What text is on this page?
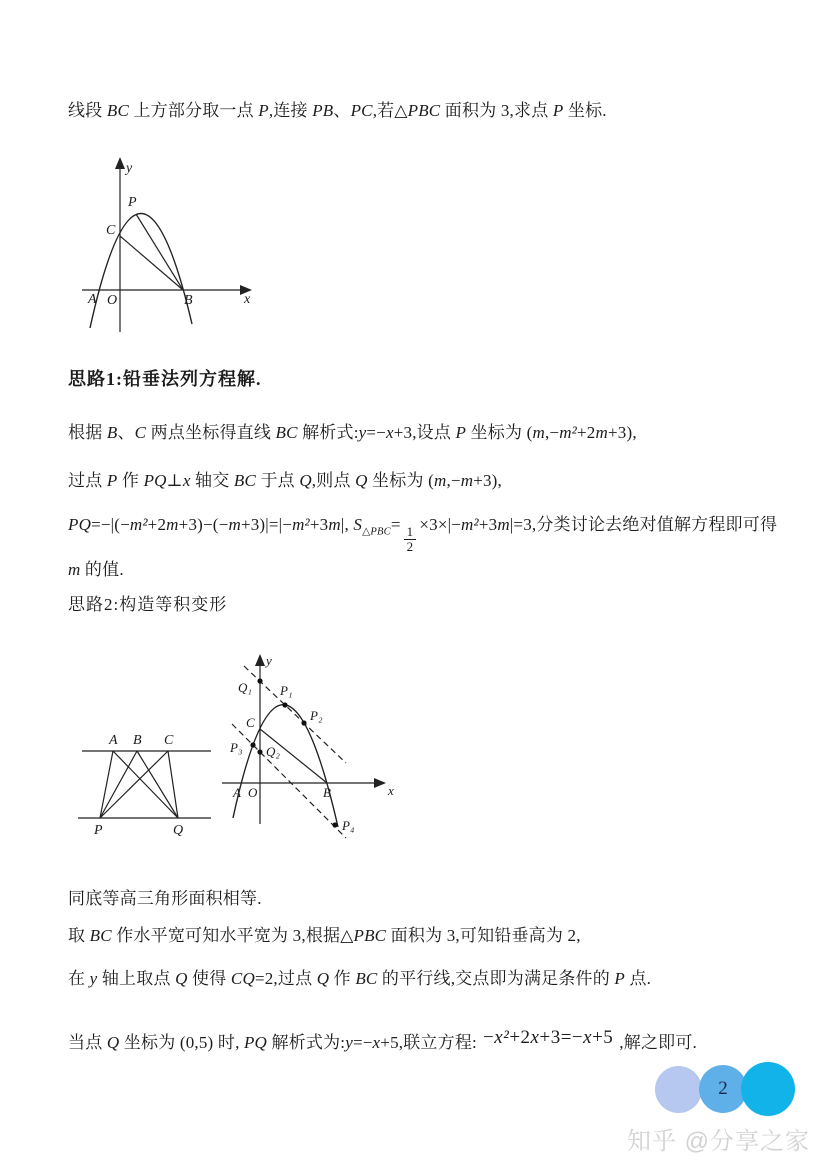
线段 BC 上方部分取一点 P,连接 PB、PC,若△PBC 面积为 3,求点 P 坐标.
y
x
P
C
A O	B
思路1:铅垂法列方程解.
根据 B、C 两点坐标得直线 BC 解析式:y=−x+3,设点 P 坐标为 (m,−m²+2m+3),
过点 P 作 PQ⊥x 轴交 BC 于点 Q,则点 Q 坐标为 (m,−m+3),
PQ=−|(−m²+2m+3)−(−m+3)|=|−m²+3m|, $S_{\triangle PBC}=$
$\frac{1}{2}$
×3×|−m²+3m|=3,分类讨论去绝对值解方程即可得 m 的值.
思路2:构造等积变形
A B C
P	Q
y
x
Q₁ P₁
C	P₂
P₃ Q₂
A O	B
P₄
同底等高三角形面积相等.
取 BC 作水平宽可知水平宽为 3,根据△PBC 面积为 3,可知铅垂高为 2,
在 y 轴上取点 Q 使得 CQ=2,过点 Q 作 BC 的平行线,交点即为满足条件的 P 点.
当点 Q 坐标为 (0,5) 时, PQ 解析式为:y=−x+5,联立方程: −x²+2x+3=−x+5 ,解之即可.
2
知乎 @分享之家
